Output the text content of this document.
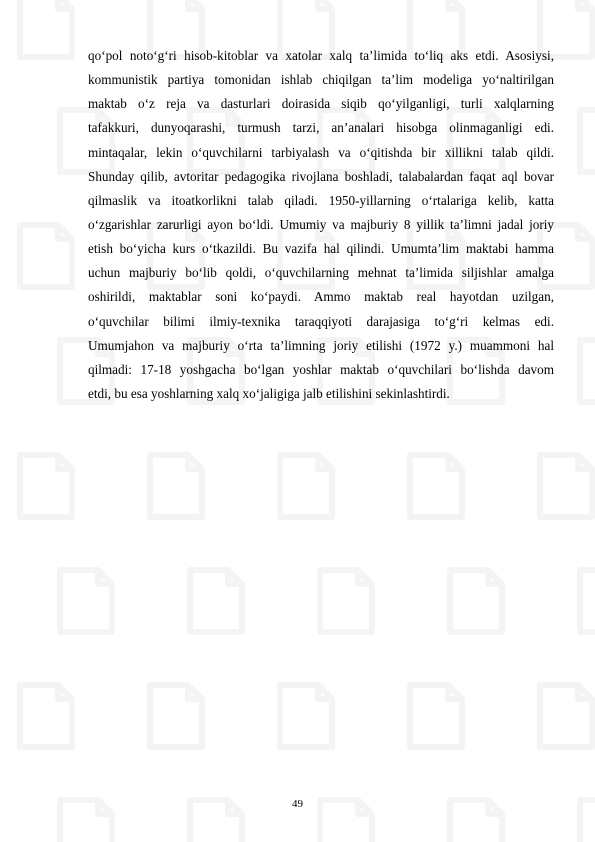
qoʻpol notoʻgʻri hisob-kitoblar va xatolar xalq ta’limida toʻliq aks etdi. Asosiysi,
kommunistik partiya tomonidan ishlab chiqilgan ta’lim modeliga yoʻnaltirilgan
maktab oʻz reja va dasturlari doirasida siqib qoʻyilganligi, turli xalqlarning
tafakkuri, dunyoqarashi, turmush tarzi, an’analari hisobga olinmaganligi edi.
mintaqalar, lekin oʻquvchilarni tarbiyalash va oʻqitishda bir xillikni talab qildi.
Shunday qilib, avtoritar pedagogika rivojlana boshladi, talabalardan faqat aql bovar
qilmaslik va itoatkorlikni talab qiladi. 1950-yillarning oʻrtalariga kelib, katta
oʻzgarishlar zarurligi ayon boʻldi. Umumiy va majburiy 8 yillik taʼlimni jadal joriy
etish boʻyicha kurs oʻtkazildi. Bu vazifa hal qilindi. Umumtaʼlim maktabi hamma
uchun majburiy boʻlib qoldi, oʻquvchilarning mehnat ta’limida siljishlar amalga
oshirildi, maktablar soni koʻpaydi. Ammo maktab real hayotdan uzilgan,
oʻquvchilar bilimi ilmiy-texnika taraqqiyoti darajasiga toʻgʻri kelmas edi.
Umumjahon va majburiy oʻrta taʼlimning joriy etilishi (1972 y.) muammoni hal
qilmadi: 17-18 yoshgacha boʻlgan yoshlar maktab oʻquvchilari boʻlishda davom
etdi, bu esa yoshlarning xalq xoʻjaligiga jalb etilishini sekinlashtirdi.
49
